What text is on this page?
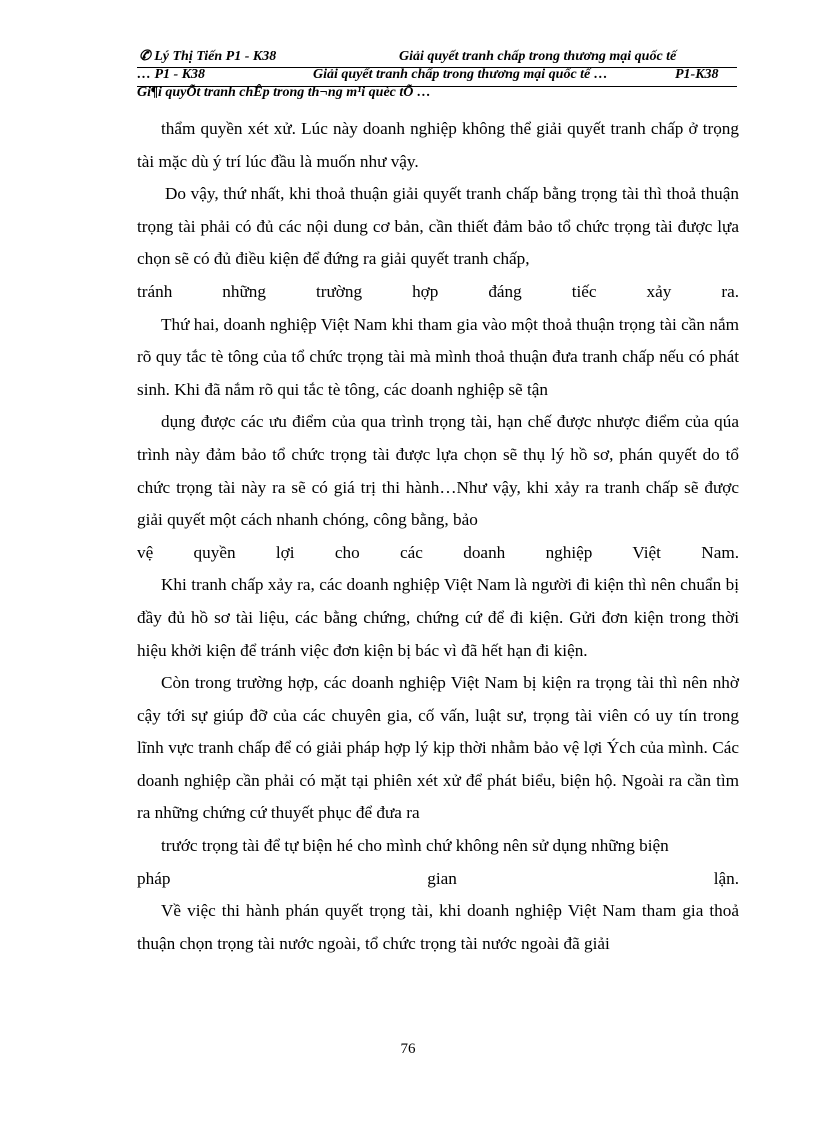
✆ Lý Thị Tiến P1 - K38	Giải quyết tranh chấp trong thương mại quốc tế
… P1 - K38	Giải quyết tranh chấp trong thương mại quốc tế …	P1-K38
Gi¶i quyÕt tranh chÊp trong th¬ng m¹i quèc tÕ …

thẩm quyền xét xử. Lúc này doanh nghiệp không thể giải quyết tranh chấp ở trọng tài mặc dù ý trí lúc đầu là muốn như vậy.

Do vậy, thứ nhất, khi thoả thuận giải quyết tranh chấp bằng trọng tài thì thoả thuận trọng tài phải có đủ các nội dung cơ bản, cần thiết đảm bảo tổ chức trọng tài được lựa chọn sẽ có đủ điều kiện để đứng ra giải quyết tranh chấp,

tránh những trường hợp đáng tiếc xảy ra.

Thứ hai, doanh nghiệp Việt Nam khi tham gia vào một thoả thuận trọng tài cần nắm rõ quy tắc tè tông của tổ chức trọng tài mà mình thoả thuận đưa tranh chấp nếu có phát sinh. Khi đã nắm rõ qui tắc tè tông, các doanh nghiệp sẽ tận

dụng được các ưu điểm của qua trình trọng tài, hạn chế được nhược điểm của qúa trình này đảm bảo tổ chức trọng tài được lựa chọn sẽ thụ lý hồ sơ, phán quyết do tổ chức trọng tài này ra sẽ có giá trị thi hành…Như vậy, khi xảy ra tranh chấp sẽ được giải quyết một cách nhanh chóng, công bằng, bảo

vệ quyền lợi cho các doanh nghiệp Việt Nam.

Khi tranh chấp xảy ra, các doanh nghiệp Việt Nam là người đi kiện thì nên chuẩn bị đầy đủ hồ sơ tài liệu, các bằng chứng, chứng cứ để đi kiện. Gửi đơn kiện trong thời hiệu khởi kiện để tránh việc đơn kiện bị bác vì đã hết hạn đi kiện.

Còn trong trường hợp, các doanh nghiệp Việt Nam bị kiện ra trọng tài thì nên nhờ cậy tới sự giúp đỡ của các chuyên gia, cố vấn, luật sư, trọng tài viên có uy tín trong lĩnh vực tranh chấp để có giải pháp hợp lý kịp thời nhằm bảo vệ lợi Ých của mình. Các doanh nghiệp cần phải có mặt tại phiên xét xử để phát biểu, biện hộ. Ngoài ra cần tìm ra những chứng cứ thuyết phục để đưa ra

trước trọng tài để tự biện hé cho mình chứ không nên sử dụng những biện

pháp gian lận.

Về việc thi hành phán quyết trọng tài, khi doanh nghiệp Việt Nam tham gia thoả thuận chọn trọng tài nước ngoài, tổ chức trọng tài nước ngoài đã giải

76
